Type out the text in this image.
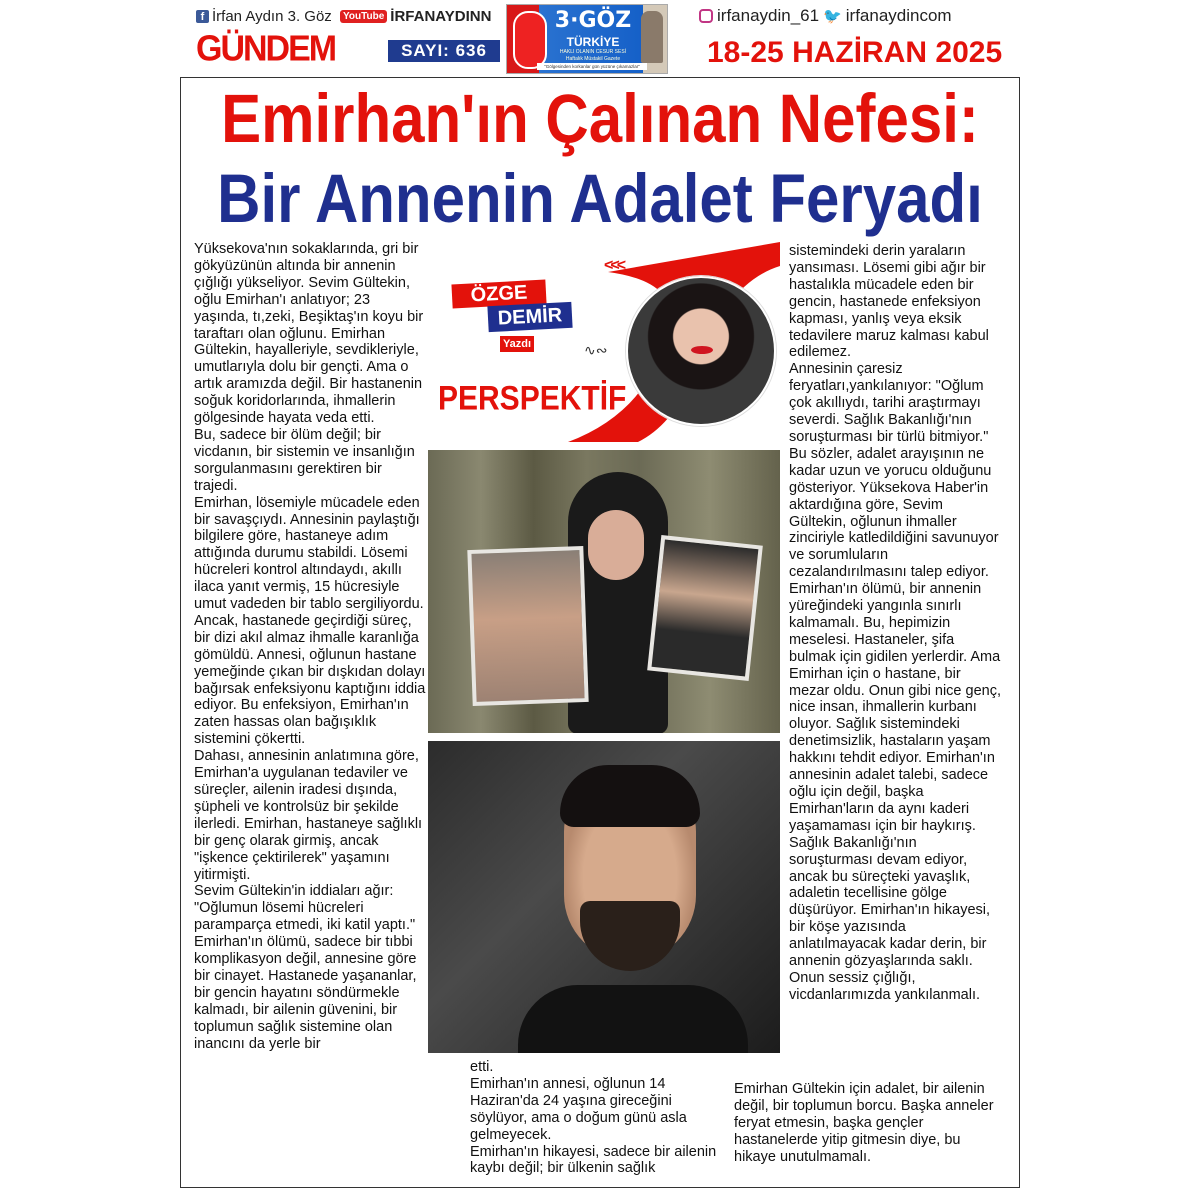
f İrfan Aydın 3. Göz	YouTube İRFANAYDINN
GÜNDEM	SAYI: 636
3·GÖZ
TÜRKİYE
HAKLI OLANIN CESUR SESİ
Haftalık Müstakil Gazete
"Gölgesinden korkanlar gün yüzüne çıkamazlar"
irfanaydin_61 🐦 irfanaydincom
18-25 HAZİRAN 2025
Emirhan'ın Çalınan Nefesi:
Bir Annenin Adalet Feryadı

Yüksekova'nın sokaklarında, gri bir gökyüzünün altında bir annenin çığlığı yükseliyor. Sevim Gültekin, oğlu Emirhan'ı anlatıyor; 23 yaşında, tı,zeki, Beşiktaş'ın koyu bir taraftarı olan oğlunu. Emirhan Gültekin, hayalleriyle, sevdikleriyle, umutlarıyla dolu bir gençti. Ama o artık aramızda değil. Bir hastanenin soğuk koridorlarında, ihmallerin gölgesinde hayata veda etti.

Bu, sadece bir ölüm değil; bir vicdanın, bir sistemin ve insanlığın sorgulanmasını gerektiren bir trajedi.

Emirhan, lösemiyle mücadele eden bir savaşçıydı. Annesinin paylaştığı bilgilere göre, hastaneye adım attığında durumu stabildi. Lösemi hücreleri kontrol altındaydı, akıllı ilaca yanıt vermiş, 15 hücresiyle umut vadeden bir tablo sergiliyordu. Ancak, hastanede geçirdiği süreç, bir dizi akıl almaz ihmalle karanlığa gömüldü. Annesi, oğlunun hastane yemeğinde çıkan bir dışkıdan dolayı bağırsak enfeksiyonu kaptığını iddia ediyor. Bu enfeksiyon, Emirhan'ın zaten hassas olan bağışıklık sistemini çökertti.

Dahası, annesinin anlatımına göre, Emirhan'a uygulanan tedaviler ve süreçler, ailenin iradesi dışında, şüpheli ve kontrolsüz bir şekilde ilerledi. Emirhan, hastaneye sağlıklı bir genç olarak girmiş, ancak "işkence çektirilerek" yaşamını yitirmişti.

Sevim Gültekin'in iddiaları ağır: "Oğlumun lösemi hücreleri paramparça etmedi, iki katil yaptı." Emirhan'ın ölümü, sadece bir tıbbi komplikasyon değil, annesine göre bir cinayet. Hastanede yaşananlar, bir gencin hayatını söndürmekle kalmadı, bir ailenin güvenini, bir toplumun sağlık sistemine olan inancını da yerle bir

<<<
ÖZGE
DEMİR
Yazdı	∿∾
PERSPEKTİF

etti.

Emirhan'ın annesi, oğlunun 14 Haziran'da 24 yaşına gireceğini söylüyor, ama o doğum günü asla gelmeyecek.

Emirhan'ın hikayesi, sadece bir ailenin kaybı değil; bir ülkenin sağlık

sistemindeki derin yaraların yansıması. Lösemi gibi ağır bir hastalıkla mücadele eden bir gencin, hastanede enfeksiyon kapması, yanlış veya eksik tedavilere maruz kalması kabul edilemez.

Annesinin çaresiz feryatları,yankılanıyor: "Oğlum çok akıllıydı, tarihi araştırmayı severdi. Sağlık Bakanlığı'nın soruşturması bir türlü bitmiyor." Bu sözler, adalet arayışının ne kadar uzun ve yorucu olduğunu gösteriyor. Yüksekova Haber'in aktardığına göre, Sevim Gültekin, oğlunun ihmaller zinciriyle katledildiğini savunuyor ve sorumluların cezalandırılmasını talep ediyor.

Emirhan'ın ölümü, bir annenin yüreğindeki yangınla sınırlı kalmamalı. Bu, hepimizin meselesi. Hastaneler, şifa bulmak için gidilen yerlerdir. Ama Emirhan için o hastane, bir mezar oldu. Onun gibi nice genç, nice insan, ihmallerin kurbanı oluyor. Sağlık sistemindeki denetimsizlik, hastaların yaşam hakkını tehdit ediyor. Emirhan'ın annesinin adalet talebi, sadece oğlu için değil, başka Emirhan'ların da aynı kaderi yaşamaması için bir haykırış. Sağlık Bakanlığı'nın soruşturması devam ediyor, ancak bu süreçteki yavaşlık, adaletin tecellisine gölge düşürüyor. Emirhan'ın hikayesi, bir köşe yazısında anlatılmayacak kadar derin, bir annenin gözyaşlarında saklı. Onun sessiz çığlığı, vicdanlarımızda yankılanmalı.

Emirhan Gültekin için adalet, bir ailenin değil, bir toplumun borcu. Başka anneler feryat etmesin, başka gençler hastanelerde yitip gitmesin diye, bu hikaye unutulmamalı.
